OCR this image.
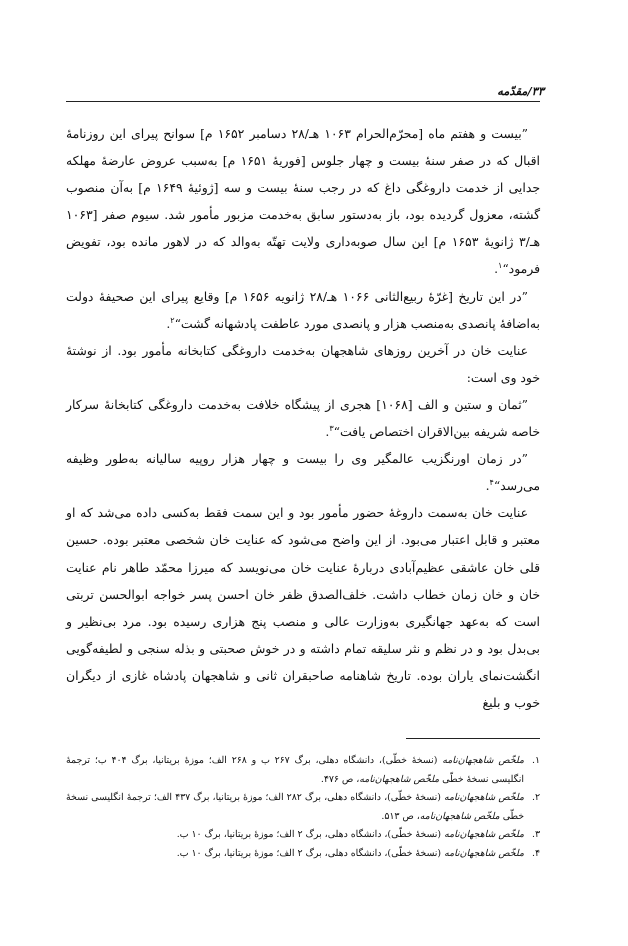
۳۳/مقدّمه

”بیست و هفتم ماه [محرّم‌الحرام ۱۰۶۳ هـ/۲۸ دسامبر ۱۶۵۲ م] سوانح پیرای این روزنامهٔ اقبال که در صفر سنهٔ بیست و چهار جلوس [فوریهٔ ۱۶۵۱ م] به‌سبب عروض عارضهٔ مهلکه جدایی از خدمت داروغگی داغ که در رجب سنهٔ بیست و سه [ژوئیهٔ ۱۶۴۹ م] به‌آن منصوب گشته، معزول گردیده بود، باز به‌دستور سابق به‌خدمت مزبور مأمور شد. سیوم صفر [۱۰۶۳ هـ/۳ ژانویهٔ ۱۶۵۳ م] این سال صوبه‌داری ولایت تهتّه به‌والد که در لاهور مانده بود، تفویض فرمود“$^۱$.

”در این تاریخ [غرّهٔ ربیع‌الثانی ۱۰۶۶ هـ/۲۸ ژانویه ۱۶۵۶ م] وقایع پیرای این صحیفهٔ دولت به‌اضافهٔ پانصدی به‌منصب هزار و پانصدی مورد عاطفت پادشهانه گشت“$^۲$.

عنایت خان در آخرین روزهای شاهجهان به‌خدمت داروغگی کتابخانه مأمور بود. از نوشتهٔ خود وی است:

”ثمان و ستین و الف [۱۰۶۸] هجری از پیشگاه خلافت به‌خدمت داروغگی کتابخانهٔ سرکار خاصه شریفه بین‌الاقران اختصاص یافت“$^۳$.

”در زمان اورنگزیب عالمگیر وی را بیست و چهار هزار روپیه سالیانه به‌طور وظیفه می‌رسد“$^۴$.

عنایت خان به‌سمت داروغهٔ حضور مأمور بود و این سمت فقط به‌کسی داده می‌شد که او معتبر و قابل اعتبار می‌بود. از این واضح می‌شود که عنایت خان شخصی معتبر بوده. حسین قلی خان عاشقی عظیم‌آبادی دربارهٔ عنایت خان می‌نویسد که میرزا محمّد طاهر نام عنایت خان و خان زمان خطاب داشت. خلف‌الصدق ظفر خان احسن پسر خواجه ابوالحسن تربتی است که به‌عهد جهانگیری به‌وزارت عالی و منصب پنج هزاری رسیده بود. مرد بی‌نظیر و بی‌بدل بود و در نظم و نثر سلیقه تمام داشته و در خوش صحبتی و بذله سنجی و لطیفه‌گویی انگشت‌نمای یاران بوده. تاریخ شاهنامه صاحبقران ثانی و شاهجهان پادشاه غازی از دیگران خوب و بلیغ

۱.
ملخّص شاهجهان‌نامه (نسخهٔ خطّی)، دانشگاه دهلی، برگ ۲۶۷ ب و ۲۶۸ الف؛ موزهٔ بریتانیا، برگ ۴۰۴ ب؛ ترجمهٔ انگلیسی نسخهٔ خطّی ملخّص شاهجهان‌نامه، ص ۴۷۶.
۲.
ملخّص شاهجهان‌نامه (نسخهٔ خطّی)، دانشگاه دهلی، برگ ۲۸۲ الف؛ موزهٔ بریتانیا، برگ ۴۳۷ الف؛ ترجمهٔ انگلیسی نسخهٔ خطّی ملخّص شاهجهان‌نامه، ص ۵۱۳.
۳.
ملخّص شاهجهان‌نامه (نسخهٔ خطّی)، دانشگاه دهلی، برگ ۲ الف؛ موزهٔ بریتانیا، برگ ۱۰ ب.
۴.
ملخّص شاهجهان‌نامه (نسخهٔ خطّی)، دانشگاه دهلی، برگ ۲ الف؛ موزهٔ بریتانیا، برگ ۱۰ ب.
